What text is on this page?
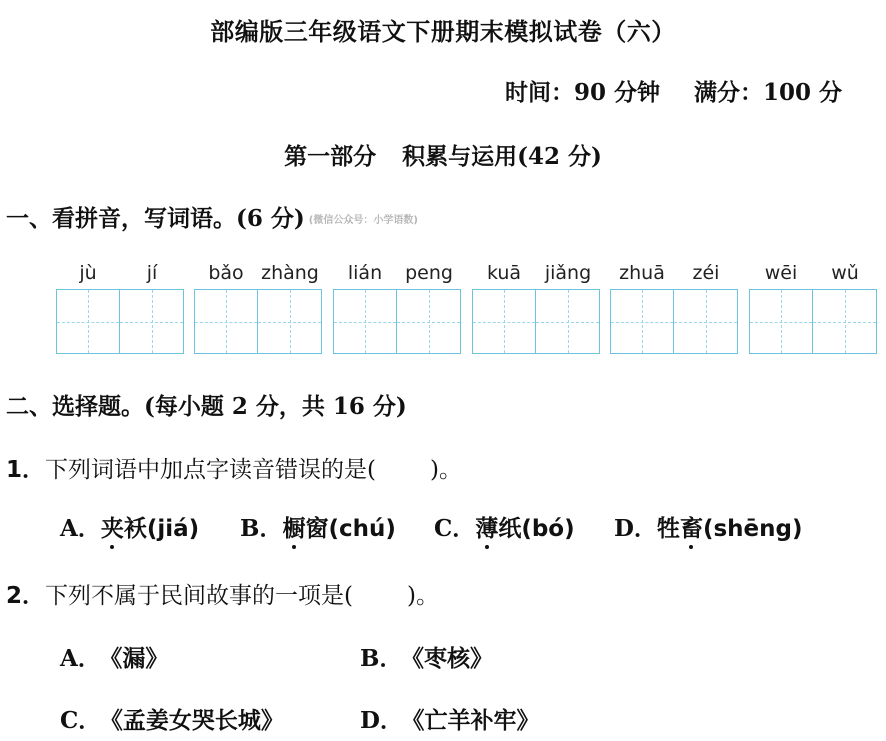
部编版三年级语文下册期末模拟试卷（六）
时间：90 分钟 满分：100 分
第一部分 积累与运用(42 分)
一、看拼音，写词语。(6 分) (微信公众号：小学语数)
jù	jí	bǎo zhàng	lián	peng	kuā	jiǎng	zhuā	zéi	wēi	wǔ
二、选择题。(每小题 2 分，共 16 分)
1．下列词语中加点字读音错误的是( )。
A．夹袄(jiá) B．橱窗(chú) C．薄纸(bó) D．牲畜(shēng)
2．下列不属于民间故事的一项是( )。
A． 《漏》	B． 《枣核》
C． 《孟姜女哭长城》	D． 《亡羊补牢》
